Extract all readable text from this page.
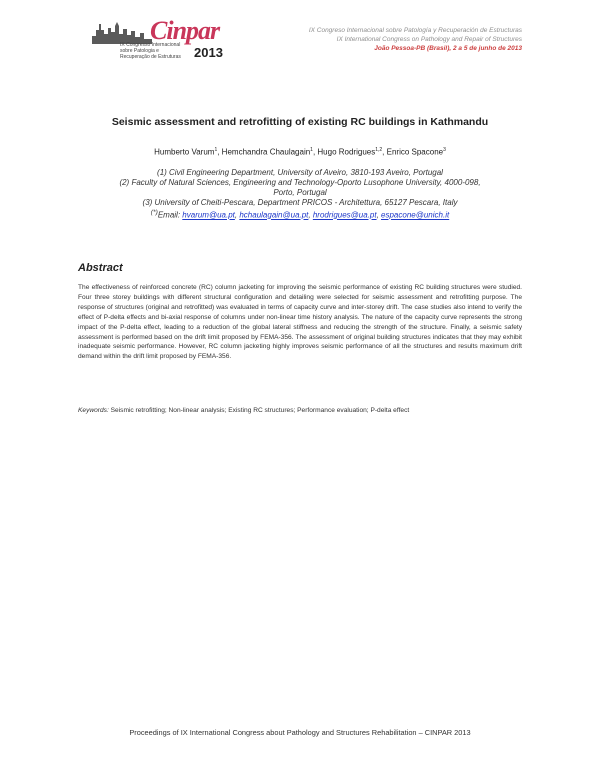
Cinpar
IX Congresso Internacional sobre Patologia e Recuperação de Estruturas	2013
IX Congreso Internacional sobre Patología y Recuperación de Estructuras
IX International Congress on Pathology and Repair of Structures
João Pessoa-PB (Brasil), 2 a 5 de junho de 2013
Seismic assessment and retrofitting of existing RC buildings in Kathmandu
Humberto Varum$^1$, Hemchandra Chaulagain$^1$, Hugo Rodrigues$^{1,2}$, Enrico Spacone$^3$
(1) Civil Engineering Department, University of Aveiro, 3810-193 Aveiro, Portugal
(2) Faculty of Natural Sciences, Engineering and Technology-Oporto Lusophone University, 4000-098,
Porto, Portugal
(3) University of Cheiti-Pescara, Department PRICOS - Architettura, 65127 Pescara, Italy
(*)Email: hvarum@ua.pt, hchaulagain@ua.pt, hrodrigues@ua.pt, espacone@unich.it
Abstract

The effectiveness of reinforced concrete (RC) column jacketing for improving the seismic performance of existing RC building structures were studied. Four three storey buildings with different structural configuration and detailing were selected for seismic assessment and retrofitting purpose. The response of structures (original and retrofitted) was evaluated in terms of capacity curve and inter-storey drift. The case studies also intend to verify the effect of P-delta effects and bi-axial response of columns under non-linear time history analysis. The nature of the capacity curve represents the strong impact of the P-delta effect, leading to a reduction of the global lateral stiffness and reducing the strength of the structure. Finally, a seismic safety assessment is performed based on the drift limit proposed by FEMA-356. The assessment of original building structures indicates that they may exhibit inadequate seismic performance. However, RC column jacketing highly improves seismic performance of all the structures and results maximum drift demand within the drift limit proposed by FEMA-356.

Keywords: Seismic retrofitting; Non-linear analysis; Existing RC structures; Performance evaluation; P-delta effect

Proceedings of IX International Congress about Pathology and Structures Rehabilitation – CINPAR 2013
